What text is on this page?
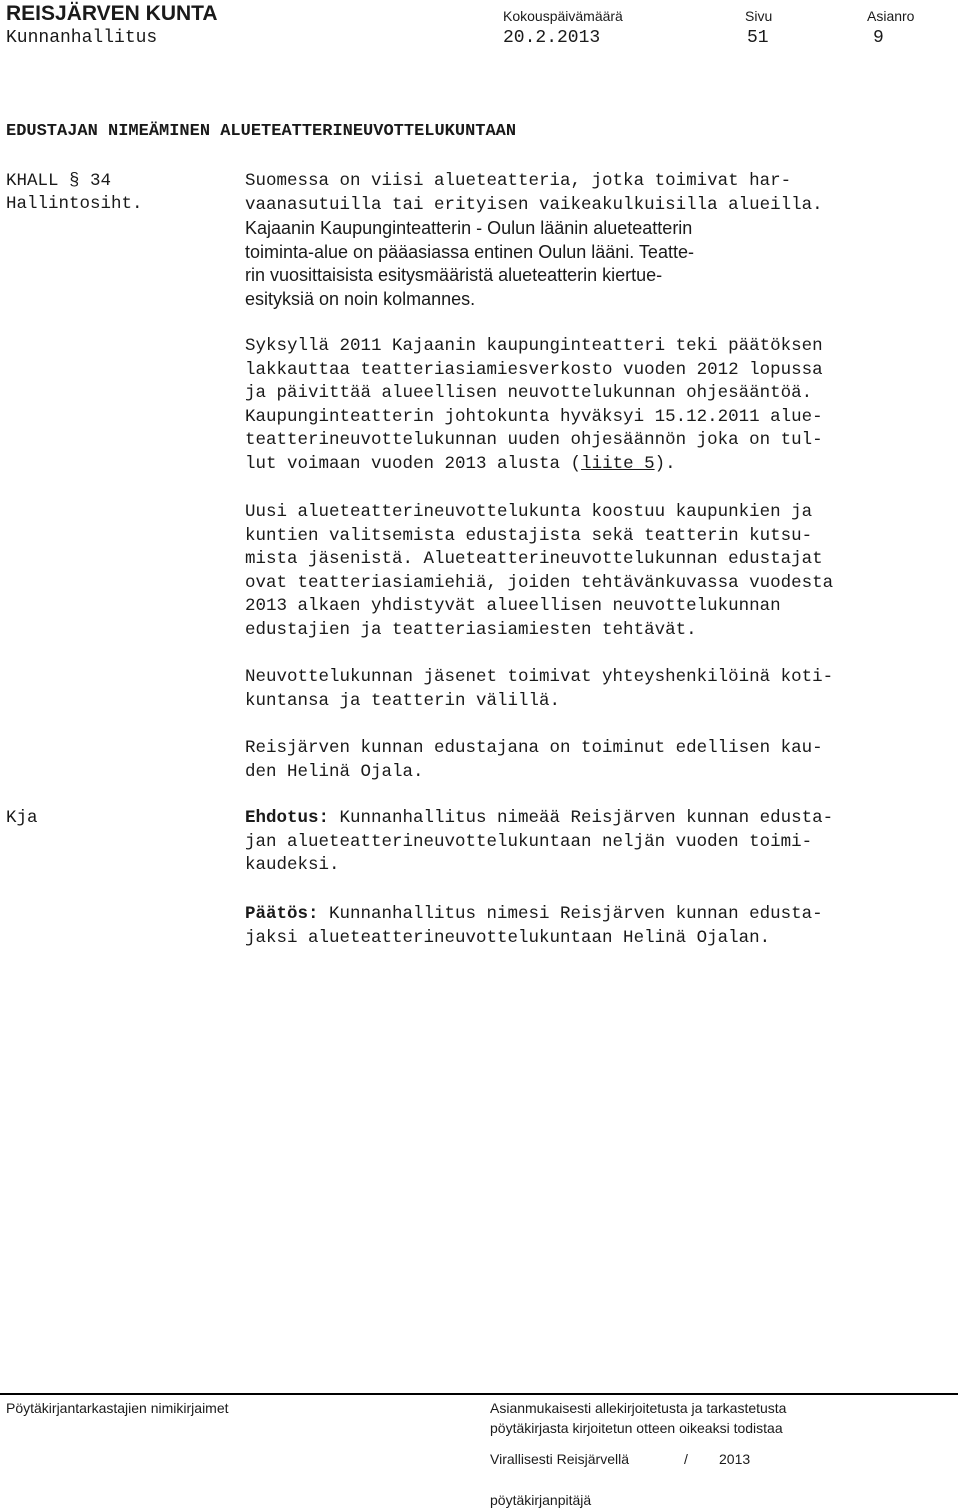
REISJÄRVEN KUNTA
Kunnanhallitus
Kokouspäivämäärä
20.2.2013
Sivu
51
Asianro
9
EDUSTAJAN NIMEÄMINEN ALUETEATTERINEUVOTTELUKUNTAAN
KHALL § 34
Hallintosiht.
Kja
Suomessa on viisi alueteatteria, jotka toimivat har-
vaanasutuilla tai erityisen vaikeakulkuisilla alueilla.
Kajaanin Kaupunginteatterin - Oulun läänin alueteatterin
toiminta-alue on pääasiassa entinen Oulun lääni. Teatte-
rin vuosittaisista esitysmääristä alueteatterin kiertue-
esityksiä on noin kolmannes.
Syksyllä 2011 Kajaanin kaupunginteatteri teki päätöksen
lakkauttaa teatteriasiamiesverkosto vuoden 2012 lopussa
ja päivittää alueellisen neuvottelukunnan ohjesääntöä.
Kaupunginteatterin johtokunta hyväksyi 15.12.2011 alue-
teatterineuvottelukunnan uuden ohjesäännön joka on tul-
lut voimaan vuoden 2013 alusta (liite 5).
Uusi alueteatterineuvottelukunta koostuu kaupunkien ja
kuntien valitsemista edustajista sekä teatterin kutsu-
mista jäsenistä. Alueteatterineuvottelukunnan edustajat
ovat teatteriasiamiehiä, joiden tehtävänkuvassa vuodesta
2013 alkaen yhdistyvät alueellisen neuvottelukunnan
edustajien ja teatteriasiamiesten tehtävät.
Neuvottelukunnan jäsenet toimivat yhteyshenkilöinä koti-
kuntansa ja teatterin välillä.
Reisjärven kunnan edustajana on toiminut edellisen kau-
den Helinä Ojala.
Ehdotus: Kunnanhallitus nimeää Reisjärven kunnan edusta-
jan alueteatterineuvottelukuntaan neljän vuoden toimi-
kaudeksi.
Päätös: Kunnanhallitus nimesi Reisjärven kunnan edusta-
jaksi alueteatterineuvottelukuntaan Helinä Ojalan.
Pöytäkirjantarkastajien nimikirjaimet	Asianmukaisesti allekirjoitetusta ja tarkastetusta
pöytäkirjasta kirjoitetun otteen oikeaksi todistaa
Virallisesti Reisjärvellä	/ 2013
pöytäkirjanpitäjä
